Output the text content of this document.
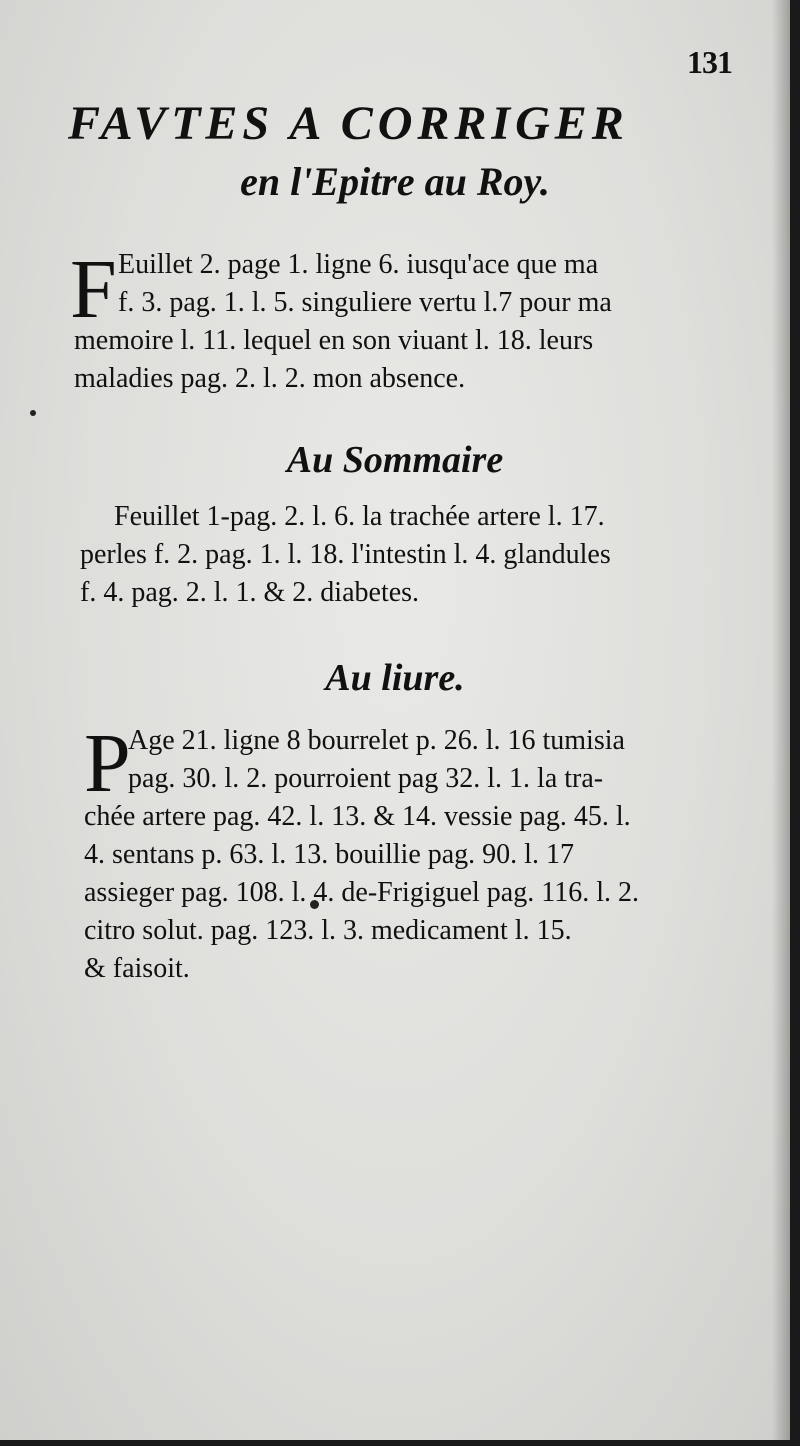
131
FAVTES A CORRIGER
en l'Epitre au Roy.
F Euillet 2. page 1. ligne 6. iusqu'ace que ma
f. 3. pag. 1. l. 5. singuliere vertu l.7 pour ma
memoire l. 11. lequel en son viuant l. 18. leurs
maladies pag. 2. l. 2. mon absence.
Au Sommaire
Feuillet 1-pag. 2. l. 6. la trachée artere l. 17.
perles f. 2. pag. 1. l. 18. l'intestin l. 4. glandules
f. 4. pag. 2. l. 1. & 2. diabetes.
Au liure.
P
Age 21. ligne 8 bourrelet p. 26. l. 16 tumisia
pag. 30. l. 2. pourroient pag 32. l. 1. la tra-
chée artere pag. 42. l. 13. & 14. vessie pag. 45. l.
4. sentans p. 63. l. 13. bouillie pag. 90. l. 17
assieger pag. 108. l. 4. de-Frigiguel pag. 116. l. 2.
citro solut. pag. 123. l. 3. medicament l. 15.
& faisoit.
